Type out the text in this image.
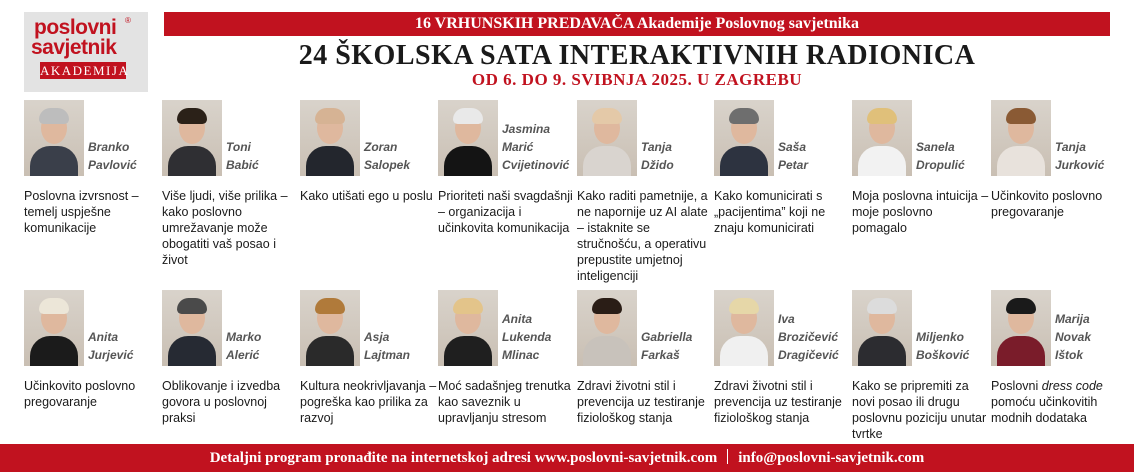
poslovni ®
savjetnik
AKADEMIJA
16 VRHUNSKIH PREDAVAČA Akademije Poslovnog savjetnika
24 ŠKOLSKA SATA INTERAKTIVNIH RADIONICA
OD 6. DO 9. SVIBNJA 2025. U ZAGREBU
Branko
Pavlović
Poslovna izvrsnost – temelj uspješne komunikacije
Toni
Babić
Više ljudi, više prilika – kako poslovno umrežavanje može obogatiti vaš posao i život
Zoran
Salopek
Kako utišati ego u poslu
Jasmina
Marić
Cvijetinović
Prioriteti naši svagdašnji – organizacija i učinkovita komunikacija
Tanja
Džido
Kako raditi pametnije, a ne napornije uz AI alate – istaknite se stručnošću, a operativu prepustite umjetnoj inteligenciji
Saša
Petar
Kako komunicirati s „pacijentima” koji ne znaju komunicirati
Sanela
Dropulić
Moja poslovna intuicija – moje poslovno pomagalo
Tanja
Jurković
Učinkovito poslovno pregovaranje
Anita
Jurjević
Učinkovito poslovno pregovaranje
Marko
Alerić
Oblikovanje i izvedba govora u poslovnoj praksi
Asja
Lajtman
Kultura neokrivljavanja – pogreška kao prilika za razvoj
Anita
Lukenda
Mlinac
Moć sadašnjeg trenutka kao saveznik u upravljanju stresom
Gabriella
Farkaš
Zdravi životni stil i prevencija uz testiranje fiziološkog stanja
Iva
Brozičević
Dragičević
Zdravi životni stil i prevencija uz testiranje fiziološkog stanja
Miljenko
Bošković
Kako se pripremiti za novi posao ili drugu poslovnu poziciju unutar tvrtke
Marija
Novak
Ištok
Poslovni dress code pomoću učinkovitih modnih dodataka
Detaljni program pronađite na internetskoj adresi www.poslovni-savjetnik.com info@poslovni-savjetnik.com
